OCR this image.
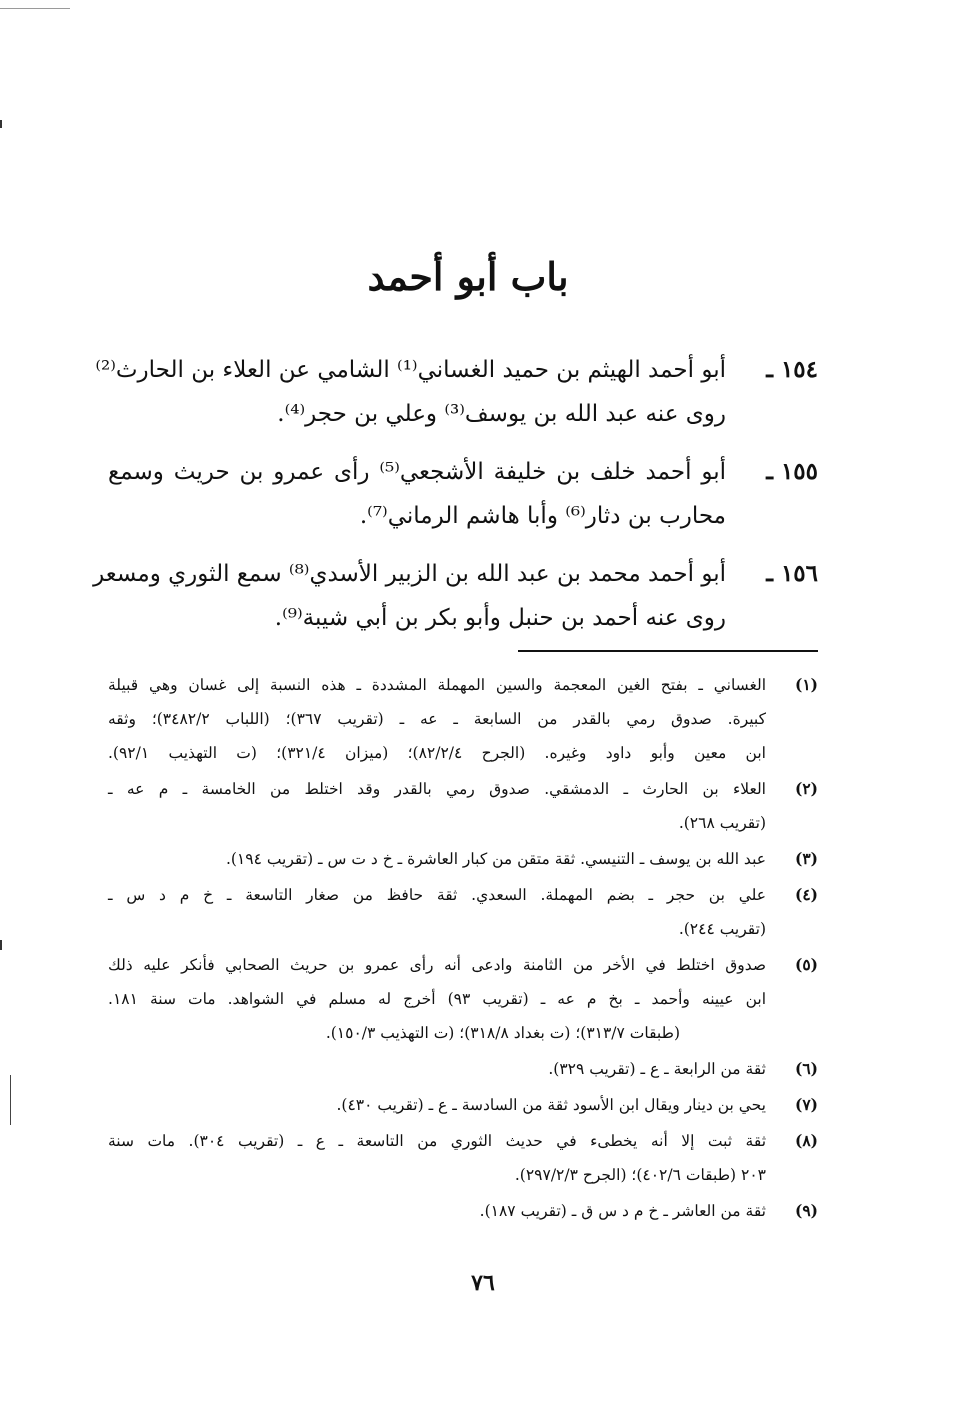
باب أبو أحمد
١٥٤ ـ
أبو أحمد الهيثم بن حميد الغساني⁽¹⁾ الشامي عن العلاء بن الحارث⁽²⁾
روى عنه عبد الله بن يوسف⁽³⁾ وعلي بن حجر⁽⁴⁾.
١٥٥ ـ
أبو أحمد خلف بن خليفة الأشجعي⁽⁵⁾ رأى عمرو بن حريث وسمع
محارب بن دثار⁽⁶⁾ وأبا هاشم الرماني⁽⁷⁾.
١٥٦ ـ
أبو أحمد محمد بن عبد الله بن الزبير الأسدي⁽⁸⁾ سمع الثوري ومسعر
روى عنه أحمد بن حنبل وأبو بكر بن أبي شيبة⁽⁹⁾.
(١)
الغساني ـ بفتح الغين المعجمة والسين المهملة المشددة ـ هذه النسبة إلى غسان وهي قبيلة
كبيرة. صدوق رمي بالقدر من السابعة ـ عه ـ (تقريب ٣٦٧)؛ (اللباب ٣٤٨٢/٢)؛ وثقه
ابن معين وأبو داود وغيره. (الجرح ٨٢/٢/٤)؛ (ميزان ٣٢١/٤)؛ (ت التهذيب ٩٢/١).
(٢)
العلاء بن الحارث ـ الدمشقي. صدوق رمي بالقدر وقد اختلط من الخامسة ـ م عه ـ
(تقريب ٢٦٨).
(٣)
عبد الله بن يوسف ـ التنيسي. ثقة متقن من كبار العاشرة ـ خ د ت س ـ (تقريب ١٩٤).
(٤)
علي بن حجر ـ بضم المهملة. السعدي. ثقة حافظ من صغار التاسعة ـ خ م د س ـ
(تقريب ٢٤٤).
(٥)
صدوق اختلط في الأخر من الثامنة وادعى أنه رأى عمرو بن حريث الصحابي فأنكر عليه ذلك
ابن عيينه وأحمد ـ بخ م عه ـ (تقريب ٩٣) أخرج له مسلم في الشواهد. مات سنة ١٨١.
(طبقات ٣١٣/٧)؛ (ت بغداد ٣١٨/٨)؛ (ت التهذيب ١٥٠/٣).
(٦)
ثقة من الرابعة ـ ع ـ (تقريب ٣٢٩).
(٧)
يحي بن دينار ويقال ابن الأسود ثقة من السادسة ـ ع ـ (تقريب ٤٣٠).
(٨)
ثقة ثبت إلا أنه يخطىء في حديث الثوري من التاسعة ـ ع ـ (تقريب ٣٠٤). مات سنة
٢٠٣ (طبقات ٤٠٢/٦)؛ (الجرح ٢٩٧/٢/٣).
(٩)
ثقة من العاشر ـ خ م د س ق ـ (تقريب ١٨٧).
٧٦
